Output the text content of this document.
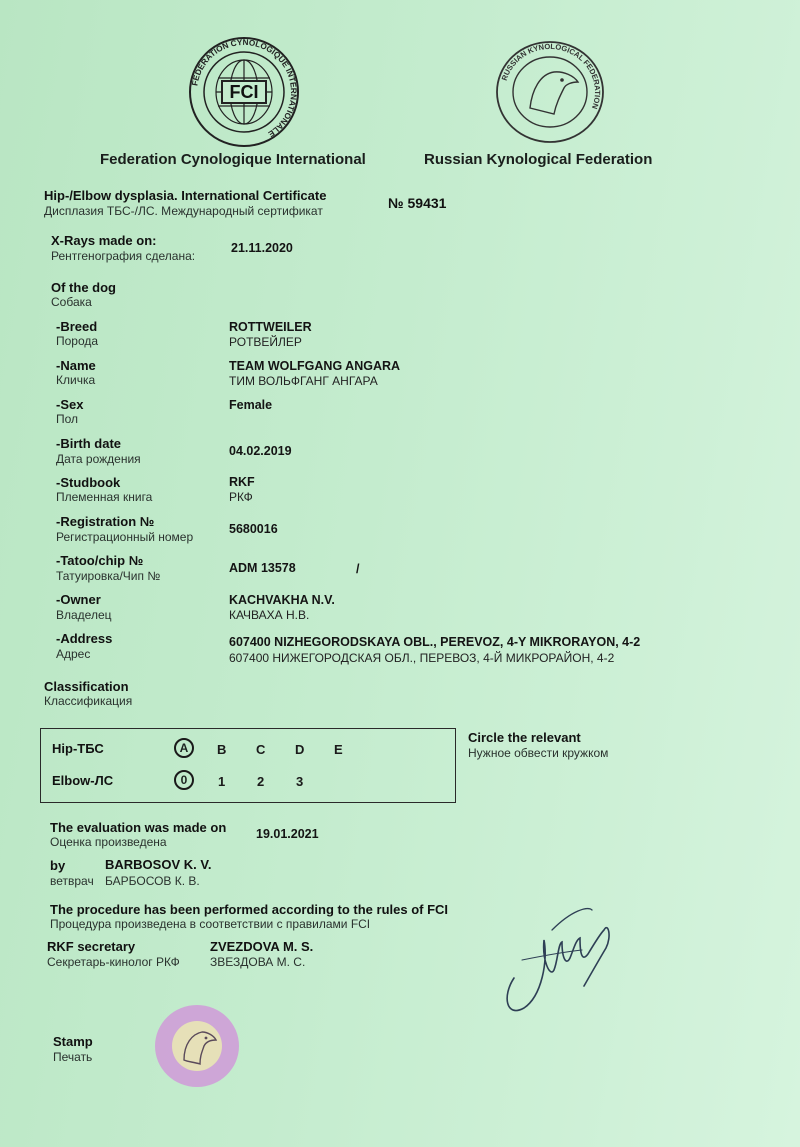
FEDERATION CYNOLOGIQUE INTERNATIONALE
FCI
RUSSIAN KYNOLOGICAL FEDERATION
Federation Cynologique International	Russian Kynological Federation
Hip-/Elbow dysplasia. International Certificate
Дисплазия ТБС-/ЛС. Международный сертификат	№ 59431
X-Rays made on:
Рентгенография сделана:
21.11.2020
Of the dog
Собака
-Breed
Порода
ROTTWEILER
РОТВЕЙЛЕР
-Name
Кличка
TEAM WOLFGANG ANGARA
ТИМ ВОЛЬФГАНГ АНГАРА
-Sex
Пол
Female
-Birth date
Дата рождения
04.02.2019
-Studbook
Племенная книга
RKF
РКФ
-Registration №
Регистрационный номер
5680016
-Tatoo/chip №
Татуировка/Чип №
ADM 13578	/
-Owner
Владелец
KACHVAKHA N.V.
КАЧВАХА Н.В.
-Address
Адрес
607400 NIZHEGORODSKAYA OBL., PEREVOZ, 4-Y MIKRORAYON, 4-2
607400 НИЖЕГОРОДСКАЯ ОБЛ., ПЕРЕВОЗ, 4-Й МИКРОРАЙОН, 4-2
Classification
Классификация
Hip-ТБС	A	B C D E
Elbow-ЛС	0	1 2 3
Circle the relevant
Нужное обвести кружком
The evaluation was made on
Оценка произведена
19.01.2021
by
ветврач
BARBOSOV K. V.
БАРБОСОВ К. В.
The procedure has been performed according to the rules of FCI
Процедура произведена в соответствии с правилами FCI
RKF secretary
Секретарь-кинолог РКФ
ZVEZDOVA M. S.
ЗВЕЗДОВА М. С.
Stamp
Печать
